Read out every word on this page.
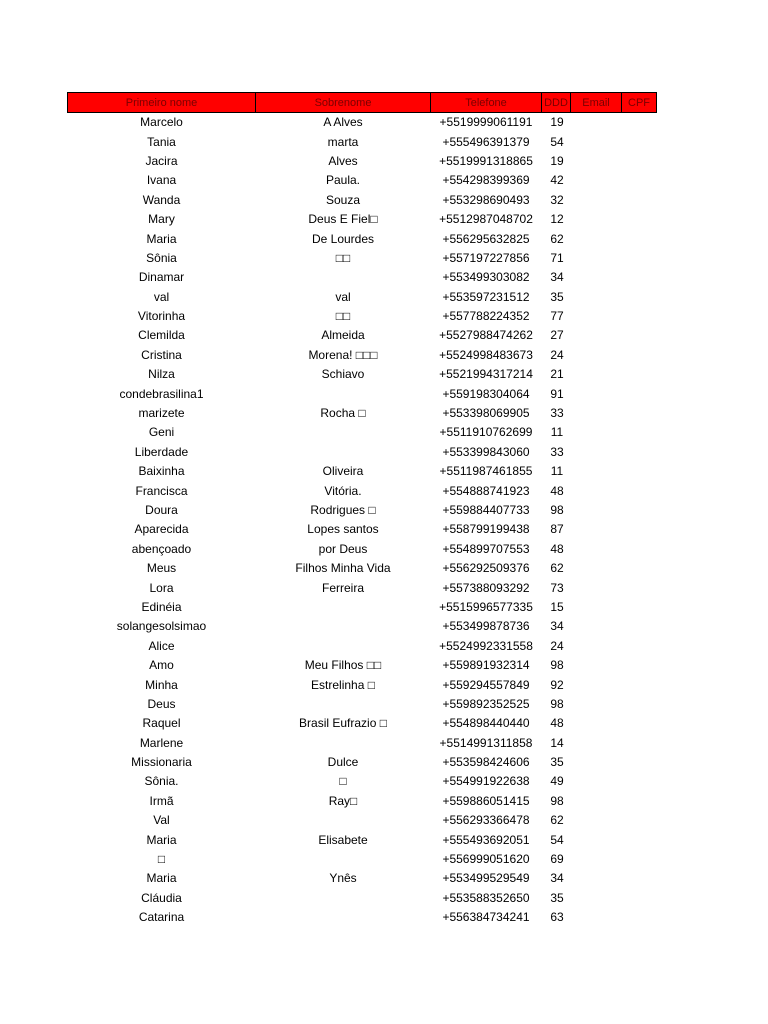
Primeiro nome	Sobrenome	Telefone	DDD	Email	CPF
Marcelo	A Alves	+5519999061191	19		
Tania	marta	+555496391379	54		
Jacira	Alves	+5519991318865	19		
Ivana	Paula.	+554298399369	42		
Wanda	Souza	+553298690493	32		
Mary	Deus E Fiel□	+5512987048702	12		
Maria	De Lourdes	+556295632825	62		
Sônia	□□	+557197227856	71		
Dinamar		+553499303082	34		
val	val	+553597231512	35		
Vitorinha	□□	+557788224352	77		
Clemilda	Almeida	+5527988474262	27		
Cristina	Morena! □□□	+5524998483673	24		
Nilza	Schiavo	+5521994317214	21		
condebrasilina1		+559198304064	91		
marizete	Rocha □	+553398069905	33		
Geni		+5511910762699	11		
Liberdade		+553399843060	33		
Baixinha	Oliveira	+5511987461855	11		
Francisca	Vitória.	+554888741923	48		
Doura	Rodrigues □	+559884407733	98		
Aparecida	Lopes santos	+558799199438	87		
abençoado	por Deus	+554899707553	48		
Meus	Filhos Minha Vida	+556292509376	62		
Lora	Ferreira	+557388093292	73		
Edinéia		+5515996577335	15		
solangesolsimao		+553499878736	34		
Alice		+5524992331558	24		
Amo	Meu Filhos □□	+559891932314	98		
Minha	Estrelinha □	+559294557849	92		
Deus		+559892352525	98		
Raquel	Brasil Eufrazio □	+554898440440	48		
Marlene		+5514991311858	14		
Missionaria	Dulce	+553598424606	35		
Sônia.	□	+554991922638	49		
Irmã	Ray□	+559886051415	98		
Val		+556293366478	62		
Maria	Elisabete	+555493692051	54		
□		+556999051620	69		
Maria	Ynês	+553499529549	34		
Cláudia		+553588352650	35		
Catarina		+556384734241	63		
